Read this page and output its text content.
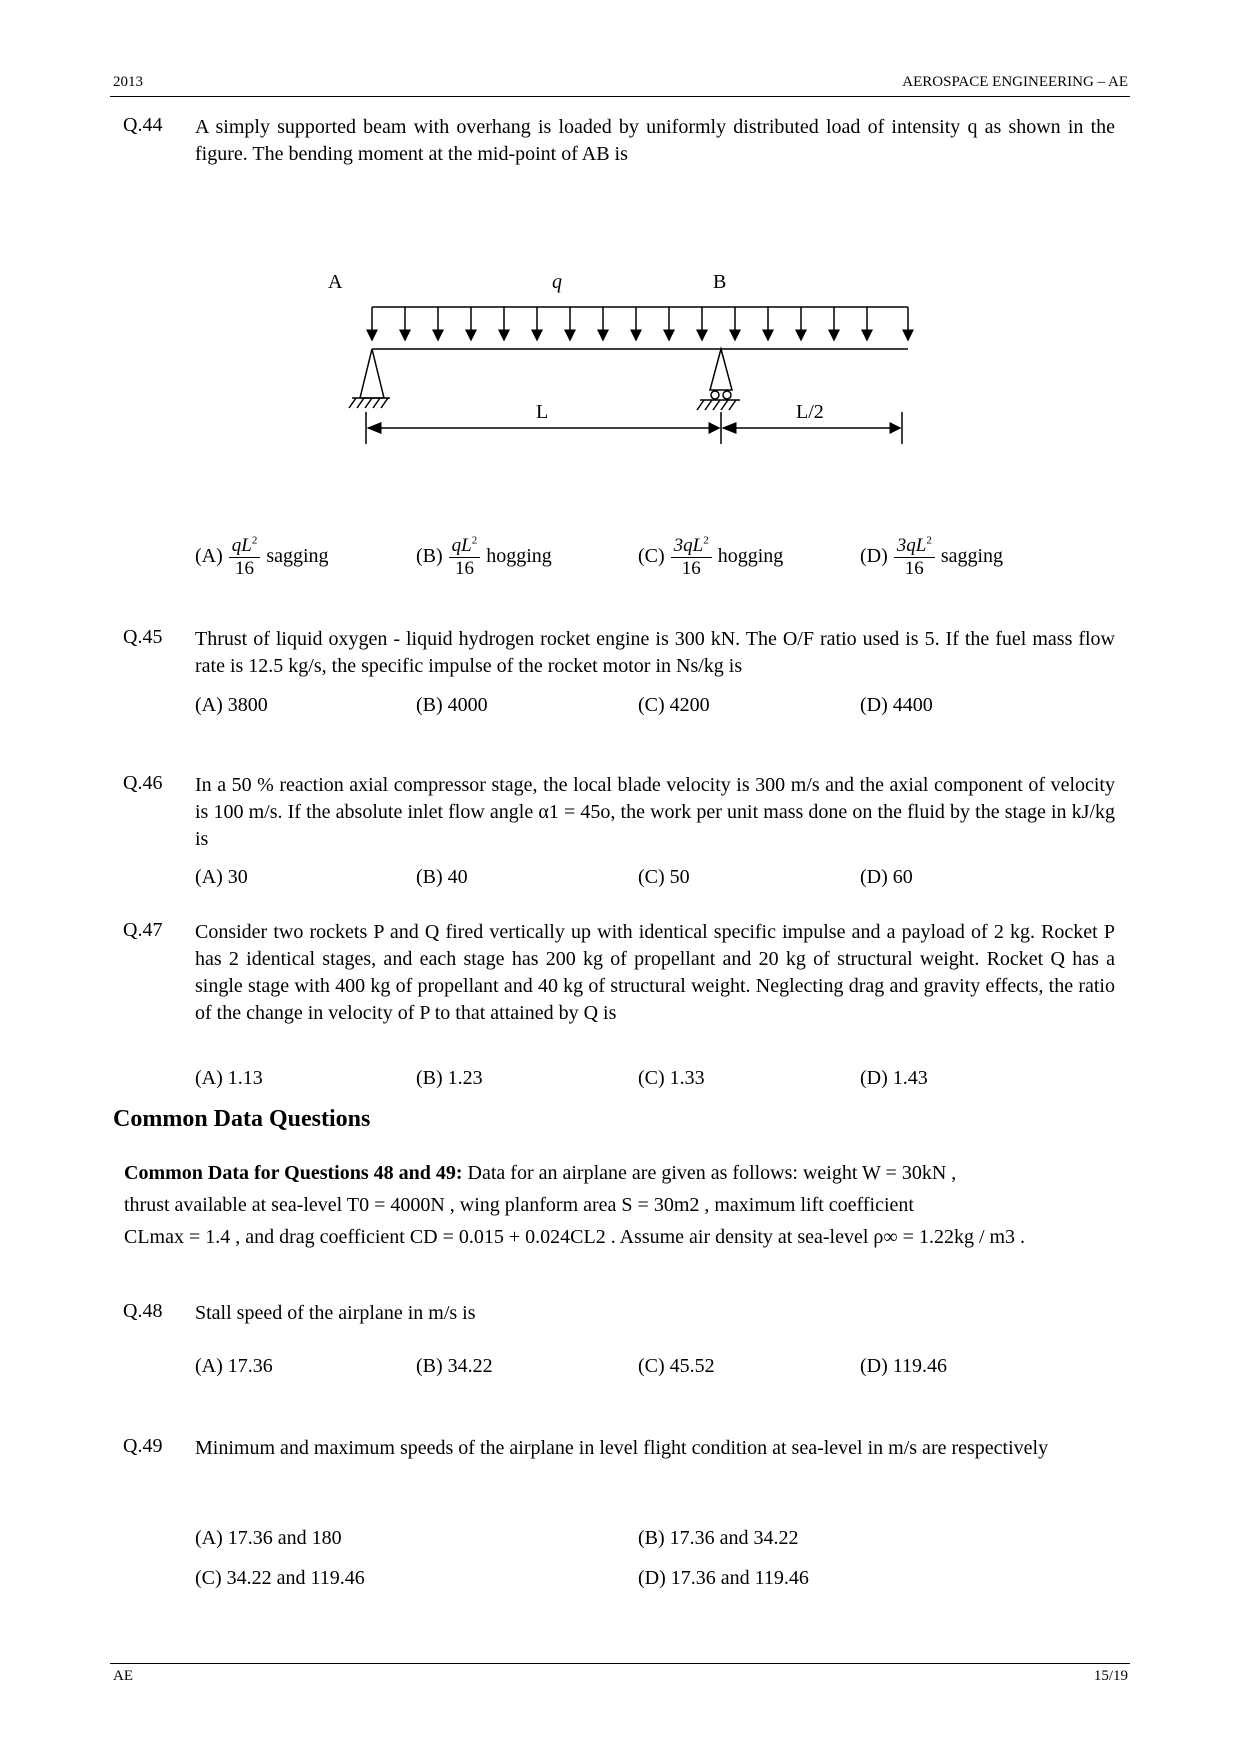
2013	AEROSPACE ENGINEERING – AE
Q.44 A simply supported beam with overhang is loaded by uniformly distributed load of intensity q as shown in the figure. The bending moment at the mid-point of AB is
A	q	B
L	L/2
$(A) \frac{qL^2}{16}$ sagging	$(B) \frac{qL^2}{16}$ hogging	$(C) \frac{3qL^2}{16}$ hogging	$(D) \frac{3qL^2}{16}$ sagging
Q.45 Thrust of liquid oxygen - liquid hydrogen rocket engine is 300 kN. The O/F ratio used is 5. If the fuel mass flow rate is 12.5 kg/s, the specific impulse of the rocket motor in Ns/kg is
(A) 3800	(B) 4000	(C) 4200	(D) 4400
Q.46 In a 50 % reaction axial compressor stage, the local blade velocity is 300 m/s and the axial component of velocity is 100 m/s. If the absolute inlet flow angle α1 = 45o, the work per unit mass done on the fluid by the stage in kJ/kg is
(A) 30	(B) 40	(C) 50	(D) 60
Q.47 Consider two rockets P and Q fired vertically up with identical specific impulse and a payload of 2 kg. Rocket P has 2 identical stages, and each stage has 200 kg of propellant and 20 kg of structural weight. Rocket Q has a single stage with 400 kg of propellant and 40 kg of structural weight. Neglecting drag and gravity effects, the ratio of the change in velocity of P to that attained by Q is
(A) 1.13	(B) 1.23	(C) 1.33	(D) 1.43
Common Data Questions
Common Data for Questions 48 and 49: Data for an airplane are given as follows: weight W = 30kN ,
thrust available at sea-level T0 = 4000N , wing planform area S = 30m2 , maximum lift coefficient
CLmax = 1.4 , and drag coefficient CD = 0.015 + 0.024CL2 . Assume air density at sea-level ρ∞ = 1.22kg / m3 .
Q.48 Stall speed of the airplane in m/s is
(A) 17.36	(B) 34.22	(C) 45.52	(D) 119.46
Q.49 Minimum and maximum speeds of the airplane in level flight condition at sea-level in m/s are respectively
(A) 17.36 and 180	(B) 17.36 and 34.22
(C) 34.22 and 119.46	(D) 17.36 and 119.46
AE	15/19
